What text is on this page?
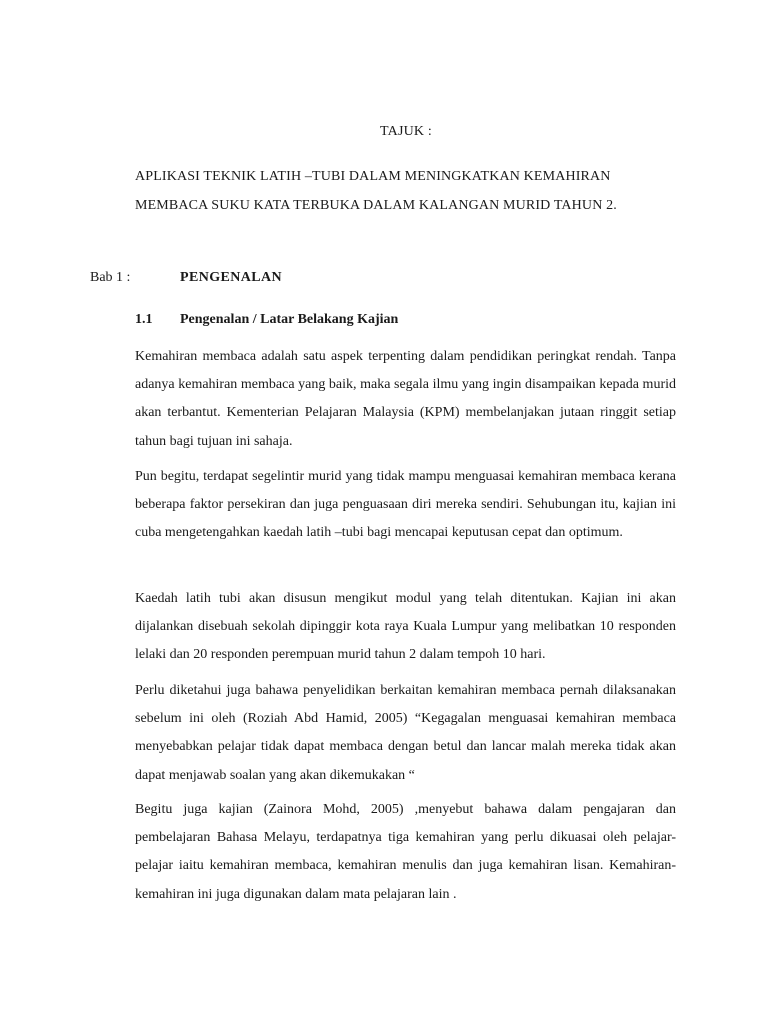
TAJUK :
APLIKASI TEKNIK LATIH –TUBI DALAM MENINGKATKAN KEMAHIRAN
MEMBACA SUKU KATA TERBUKA DALAM KALANGAN MURID TAHUN 2.
Bab 1 :	PENGENALAN
1.1 Pengenalan / Latar Belakang Kajian
Kemahiran membaca adalah satu aspek terpenting dalam pendidikan peringkat rendah. Tanpa adanya kemahiran membaca yang baik, maka segala ilmu yang ingin disampaikan kepada murid akan terbantut. Kementerian Pelajaran Malaysia (KPM) membelanjakan jutaan ringgit setiap tahun bagi tujuan ini sahaja.
Pun begitu, terdapat segelintir murid yang tidak mampu menguasai kemahiran membaca kerana beberapa faktor persekiran dan juga penguasaan diri mereka sendiri. Sehubungan itu, kajian ini cuba mengetengahkan kaedah latih –tubi bagi mencapai keputusan cepat dan optimum.
Kaedah latih tubi akan disusun mengikut modul yang telah ditentukan. Kajian ini akan dijalankan disebuah sekolah dipinggir kota raya Kuala Lumpur yang melibatkan 10 responden lelaki dan 20 responden perempuan murid tahun 2 dalam tempoh 10 hari.
Perlu diketahui juga bahawa penyelidikan berkaitan kemahiran membaca pernah dilaksanakan sebelum ini oleh (Roziah Abd Hamid, 2005) “Kegagalan menguasai kemahiran membaca menyebabkan pelajar tidak dapat membaca dengan betul dan lancar malah mereka tidak akan dapat menjawab soalan yang akan dikemukakan “
Begitu juga kajian (Zainora Mohd, 2005) ,menyebut bahawa dalam pengajaran dan pembelajaran Bahasa Melayu, terdapatnya tiga kemahiran yang perlu dikuasai oleh pelajar-pelajar iaitu kemahiran membaca, kemahiran menulis dan juga kemahiran lisan. Kemahiran-kemahiran ini juga digunakan dalam mata pelajaran lain .
